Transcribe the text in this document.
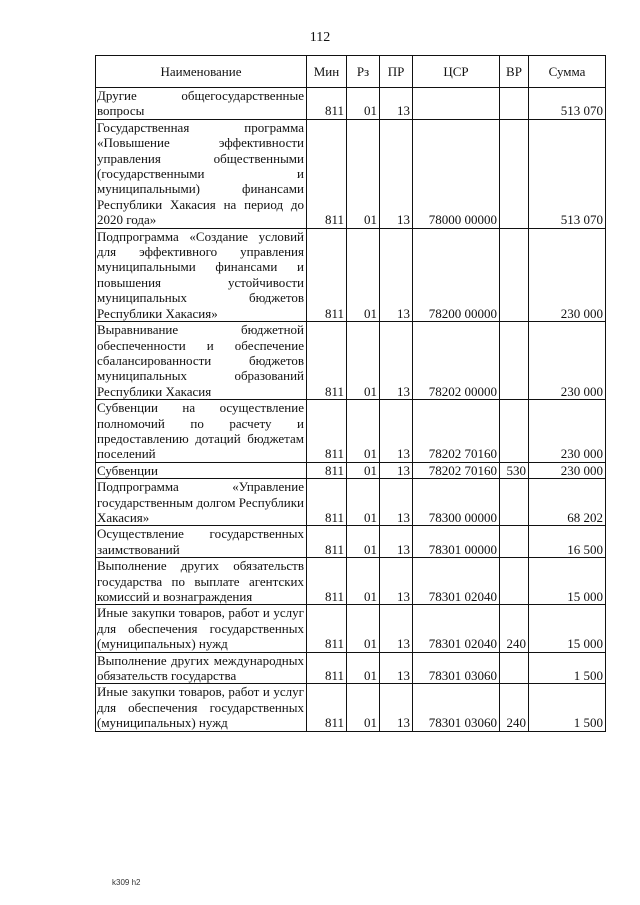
112
Наименование	Мин	Рз	ПР	ЦСР	ВР	Сумма
Другие общегосударственные вопросы	811	01	13			513 070
Государственная программа «Повышение эффективности управления общественными (государственными и муниципальными) финансами Республики Хакасия на период до 2020 года»	811	01	13	78000 00000		513 070
Подпрограмма «Создание условий для эффективного управления муниципальными финансами и повышения устойчивости муниципальных бюджетов Республики Хакасия»	811	01	13	78200 00000		230 000
Выравнивание бюджетной обеспеченности и обеспечение сбалансированности бюджетов муниципальных образований Республики Хакасия	811	01	13	78202 00000		230 000
Субвенции на осуществление полномочий по расчету и предоставлению дотаций бюджетам поселений	811	01	13	78202 70160		230 000
Субвенции	811	01	13	78202 70160	530	230 000
Подпрограмма «Управление государственным долгом Республики Хакасия»	811	01	13	78300 00000		68 202
Осуществление государственных заимствований	811	01	13	78301 00000		16 500
Выполнение других обязательств государства по выплате агентских комиссий и вознаграждения	811	01	13	78301 02040		15 000
Иные закупки товаров, работ и услуг для обеспечения государственных (муниципальных) нужд	811	01	13	78301 02040	240	15 000
Выполнение других международных обязательств государства	811	01	13	78301 03060		1 500
Иные закупки товаров, работ и услуг для обеспечения государственных (муниципальных) нужд	811	01	13	78301 03060	240	1 500
k309 h2
